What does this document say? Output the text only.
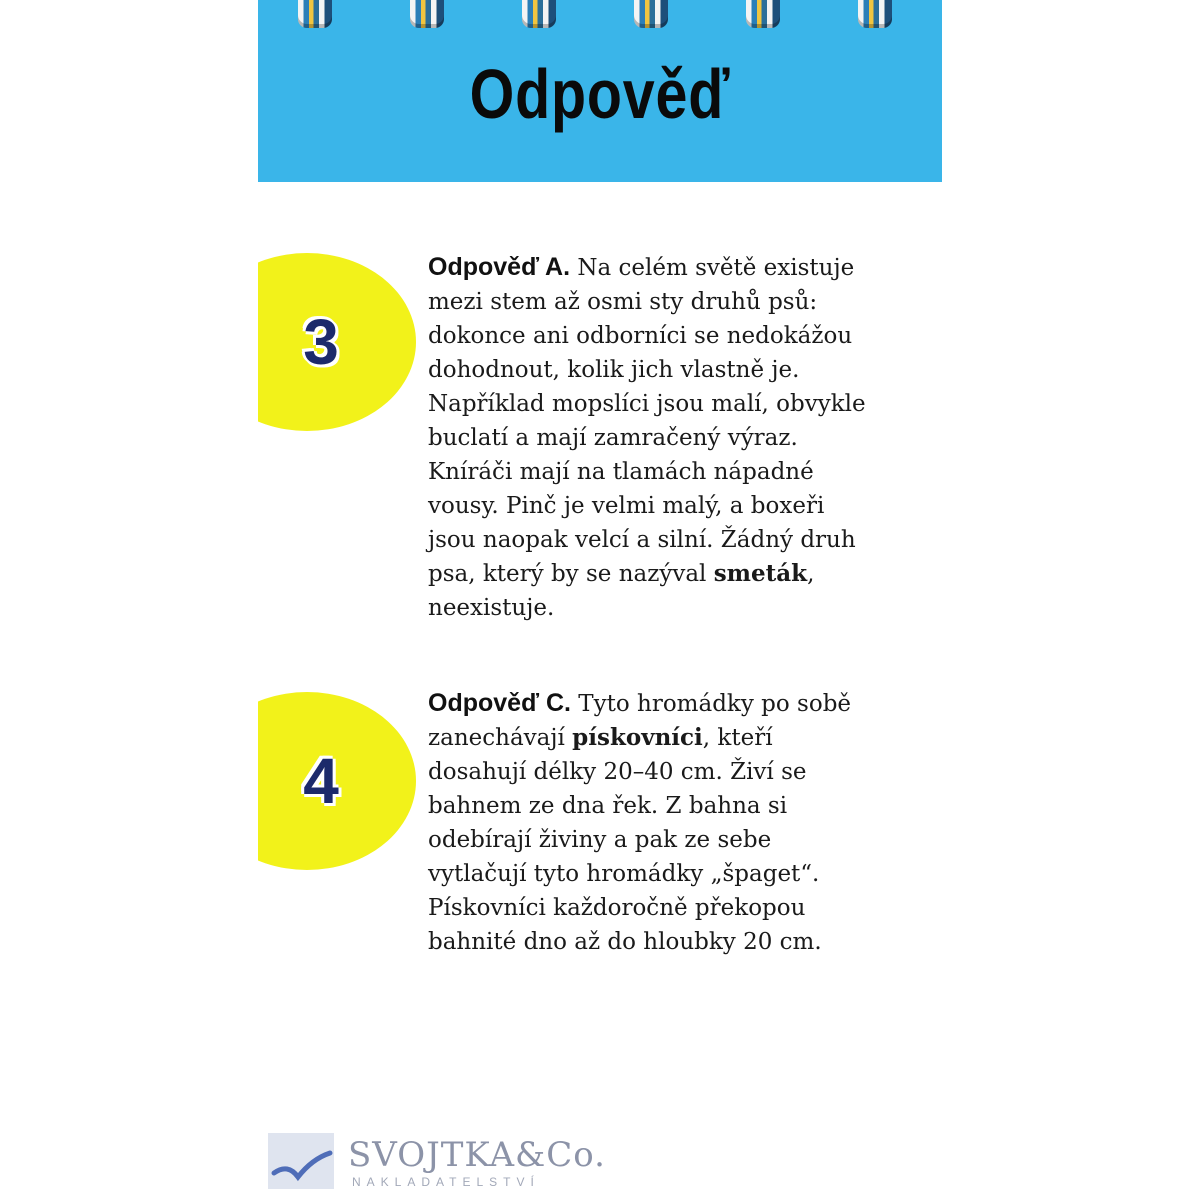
Odpověď
3
Odpověď A. Na celém světě existuje mezi stem až osmi sty druhů psů: dokonce ani odborníci se nedokážou dohodnout, kolik jich vlastně je. Například mopslíci jsou malí, obvykle buclatí a mají zamračený výraz. Kníráči mají na tlamách nápadné vousy. Pinč je velmi malý, a boxeři jsou naopak velcí a silní. Žádný druh psa, který by se nazýval smeták, neexistuje.
4
Odpověď C. Tyto hromádky po sobě zanechávají pískovníci, kteří dosahují délky 20–40 cm. Živí se bahnem ze dna řek. Z bahna si odebírají živiny a pak ze sebe vytlačují tyto hromádky „špaget“. Pískovníci každoročně překopou bahnité dno až do hloubky 20 cm.
SVOJTKA&Co.
NAKLADATELSTVÍ
